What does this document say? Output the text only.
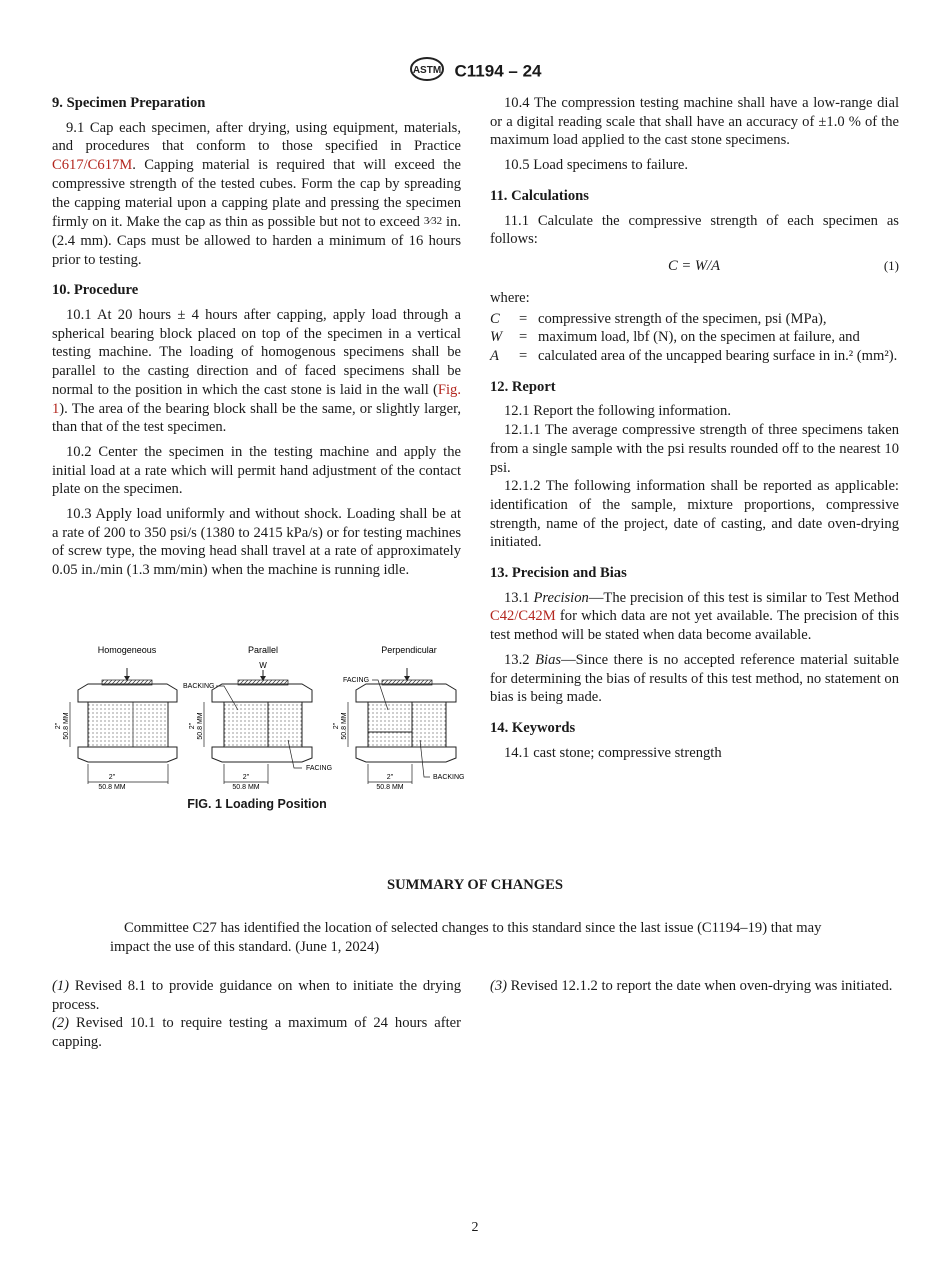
ASTM C1194 – 24
9. Specimen Preparation

9.1 Cap each specimen, after drying, using equipment, materials, and procedures that conform to those specified in Practice C617/C617M. Capping material is required that will exceed the compressive strength of the tested cubes. Form the cap by spreading the capping material upon a capping plate and pressing the specimen firmly on it. Make the cap as thin as possible but not to exceed 3⁄32 in. (2.4 mm). Caps must be allowed to harden a minimum of 16 hours prior to testing.

10. Procedure

10.1 At 20 hours ± 4 hours after capping, apply load through a spherical bearing block placed on top of the specimen in a vertical testing machine. The loading of homogenous specimens shall be parallel to the casting direction and of faced specimens shall be normal to the position in which the cast stone is laid in the wall (Fig. 1). The area of the bearing block shall be the same, or slightly larger, than that of the test specimen.

10.2 Center the specimen in the testing machine and apply the initial load at a rate which will permit hand adjustment of the contact plate on the specimen.

10.3 Apply load uniformly and without shock. Loading shall be at a rate of 200 to 350 psi/s (1380 to 2415 kPa/s) or for testing machines of screw type, the moving head shall travel at a rate of approximately 0.05 in./min (1.3 mm/min) when the machine is running idle.

Homogeneous	Parallel	Perpendicular
2" 50.8 MM
2"
50.8 MM
W
BACKING
FACING
2" 50.8 MM
2"
50.8 MM
FACING
BACKING
2" 50.8 MM
2"
50.8 MM
FIG. 1 Loading Position

10.4 The compression testing machine shall have a low-range dial or a digital reading scale that shall have an accuracy of ±1.0 % of the maximum load applied to the cast stone specimens.

10.5 Load specimens to failure.

11. Calculations

11.1 Calculate the compressive strength of each specimen as follows:

C = W/A	(1)
where:
C	= compressive strength of the specimen, psi (MPa),
W	= maximum load, lbf (N), on the specimen at failure, and
A	= calculated area of the uncapped bearing surface in in.² (mm²).
12. Report

12.1 Report the following information.

12.1.1 The average compressive strength of three specimens taken from a single sample with the psi results rounded off to the nearest 10 psi.

12.1.2 The following information shall be reported as applicable: identification of the sample, mixture proportions, compressive strength, name of the project, date of casting, and date oven-drying initiated.

13. Precision and Bias

13.1 Precision—The precision of this test is similar to Test Method C42/C42M for which data are not yet available. The precision of this test method will be stated when data become available.

13.2 Bias—Since there is no accepted reference material suitable for determining the bias of results of this test method, no statement on bias is being made.

14. Keywords

14.1 cast stone; compressive strength

SUMMARY OF CHANGES
Committee C27 has identified the location of selected changes to this standard since the last issue (C1194–19) that may impact the use of this standard. (June 1, 2024)

(1) Revised 8.1 to provide guidance on when to initiate the drying process.

(2) Revised 10.1 to require testing a maximum of 24 hours after capping.

(3) Revised 12.1.2 to report the date when oven-drying was initiated.

2
